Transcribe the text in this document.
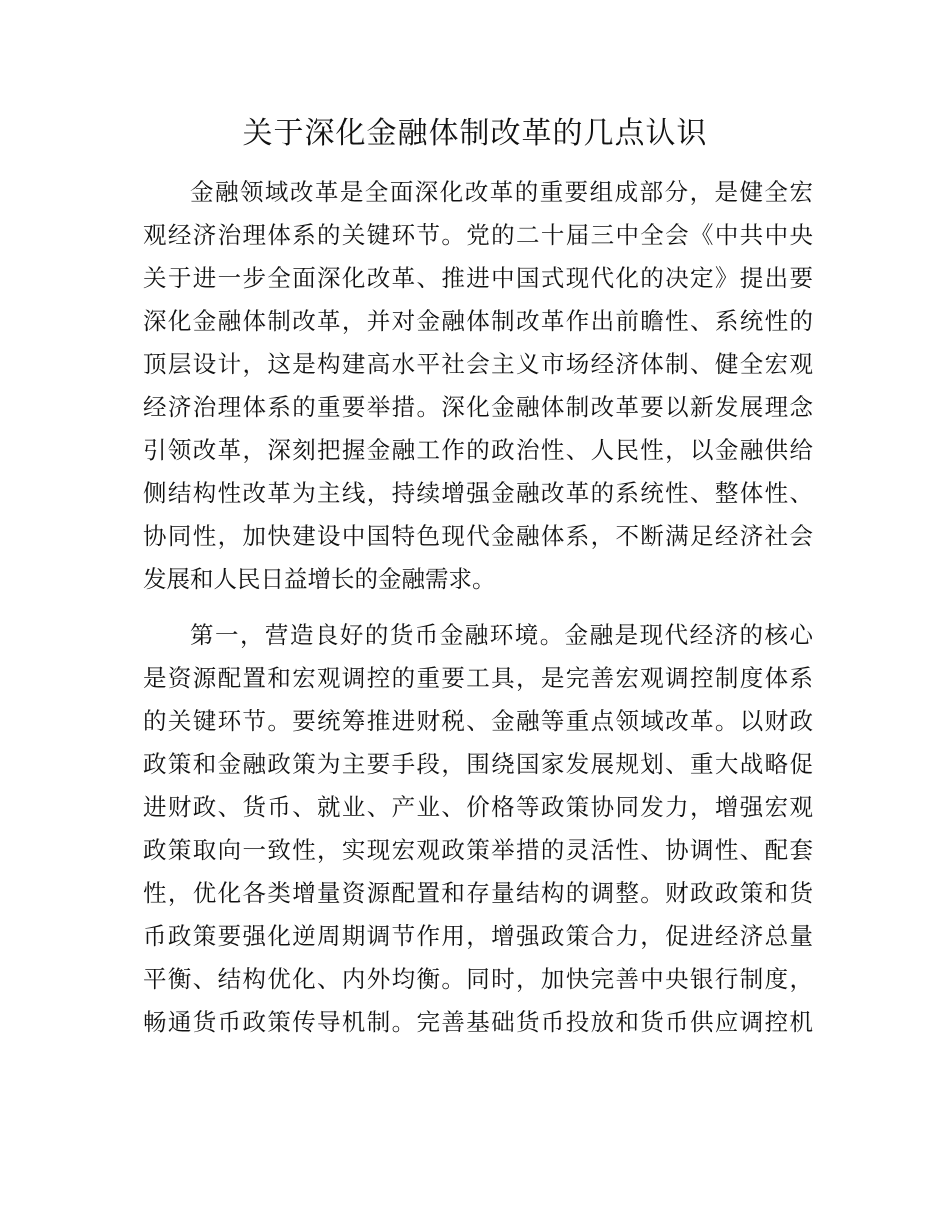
关于深化金融体制改革的几点认识
金融领域改革是全面深化改革的重要组成部分，是健全宏
观经济治理体系的关键环节。党的二十届三中全会《中共中央
关于进一步全面深化改革、推进中国式现代化的决定》提出要
深化金融体制改革，并对金融体制改革作出前瞻性、系统性的
顶层设计，这是构建高水平社会主义市场经济体制、健全宏观
经济治理体系的重要举措。深化金融体制改革要以新发展理念
引领改革，深刻把握金融工作的政治性、人民性，以金融供给
侧结构性改革为主线，持续增强金融改革的系统性、整体性、
协同性，加快建设中国特色现代金融体系，不断满足经济社会
发展和人民日益增长的金融需求。
第一，营造良好的货币金融环境。金融是现代经济的核心
是资源配置和宏观调控的重要工具，是完善宏观调控制度体系
的关键环节。要统筹推进财税、金融等重点领域改革。以财政
政策和金融政策为主要手段，围绕国家发展规划、重大战略促
进财政、货币、就业、产业、价格等政策协同发力，增强宏观
政策取向一致性，实现宏观政策举措的灵活性、协调性、配套
性，优化各类增量资源配置和存量结构的调整。财政政策和货
币政策要强化逆周期调节作用，增强政策合力，促进经济总量
平衡、结构优化、内外均衡。同时，加快完善中央银行制度，
畅通货币政策传导机制。完善基础货币投放和货币供应调控机
